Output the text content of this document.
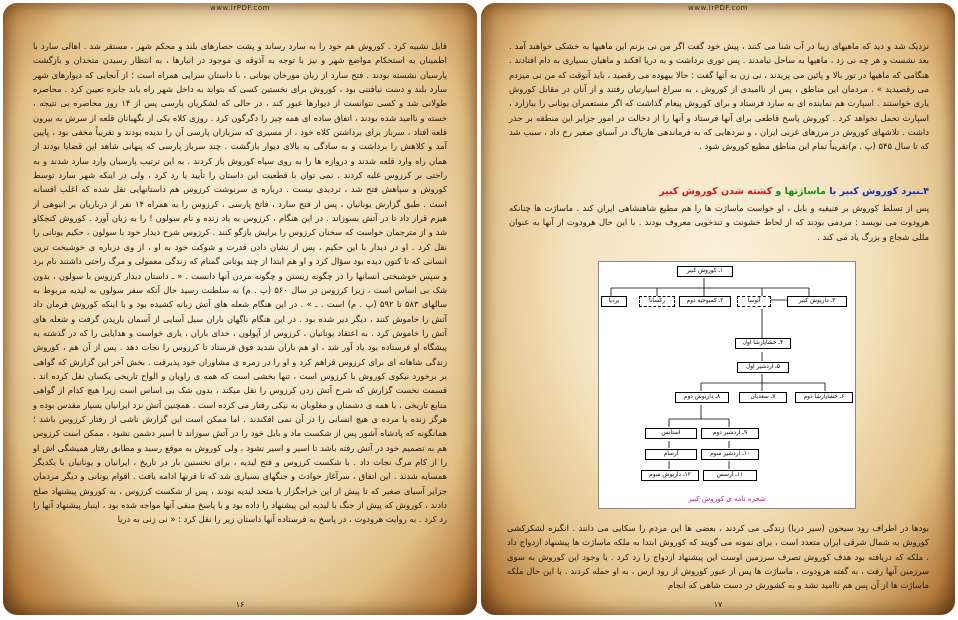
www.IrPDF.com
قابل تشبیه کرد . کوروش هم خود را به سارد رساند و پشت حصارهای بلند و محکم شهر ، مستقر شد . اهالی سارد با اطمینان به استحکام مواضع شهر و نیز با توجه به آذوقه ی موجود در انبارها ، به انتظار رسیدن متحدان و بازگشت پارسیان نشسته بودند . فتح سارد از زبان مورخان یونانی ، با داستان سرایی همراه است ؛ از آنجایی که دیوارهای شهر سارد بلند و دست نیافتنی بود ، کوروش برای نخستین کسی که بتواند به داخل شهر راه یابد جایزه تعیین کرد . محاصره طولانی شد و کسی نتوانست از دیوارها عبور کند ، در حالی که لشکریان پارسی پس از ۱۴ روز محاصره بی نتیجه ، خسته و ناامید شده بودند ، اتفاق ساده ای همه چیز را دگرگون کرد . روزی کلاه یکی از نگهبانان قلعه از سرش به بیرون قلعه افتاد ، سرباز برای برداشتن کلاه خود ، از مسیری که سربازان پارسی آن را ندیده بودند و تقریباً مخفی بود ، پایین آمد و کلاهش را برداشت و به سادگی به بالای دیوار بازگشت . چند سرباز پارسی که پنهانی شاهد این قضایا بودند از همان راه وارد قلعه شدند و دروازه ها را به روی سپاه کوروش باز کردند . به این ترتیب پارسیان وارد سارد شدند و به راحتی بر کرزوس غلبه کردند . نمی توان با قطعیت این داستان را تأیید یا رد کرد ، ولی در اینکه شهر سارد توسط کوروش و سپاهش فتح شد ، تردیدی نیست . درباره ی سرنوشت کرزوس هم داستانهایی نقل شده که اغلب افسانه است . طبق گزارش یونانیان ، پس از فتح سارد ، فاتح پارسی ، کرزوس را به همراه ۱۴ نفر از درباریان بر انبوهی از هیزم قرار داد تا در آتش بسوزاند . در این هنگام ، کرزوس به یاد زنده و نام سولون ! را به زبان آورد . کوروش کنجکاو شد و از مترجمان خواست که سخنان کرزوس را برایش بازگو کنند . کرزوس شرح دیدار خود با سولون ، حکیم یونانی را نقل کرد . او در دیدار با این حکیم ، پس از نشان دادن قدرت و شوکت خود به او ، از وی درباره ی خوشبخت ترین انسانی که تا کنون دیده بود سؤال کرد و او هم ابتدا از چند یونانی گمنام که زندگی معمولی و مرگ راحتی داشتند نام برد و سپس خوشبختی انسانها را در چگونه زیستن و چگونه مردن آنها دانست . « ـ داستان دیدار کرزوس با سولون ، بدون شک بی اساس است ، زیرا کرزوس در سال ۵۶۰ (پ . م) به سلطنت رسید حال آنکه سفر سولون به لیدیه مربوط به سالهای ۵۸۳ تا ۵۹۲ (پ . م) است . ـ » . در این هنگام شعله های آتش زبانه کشیده بود و با اینکه کوروش فرمان داد آتش را خاموش کنند ، دیگر دیر شده بود . در این هنگام ناگهان باران سیل آسایی از آسمان باریدن گرفت و شعله های آتش را خاموش کرد . به اعتقاد یونانیان ، کرزوس از آپولون ، خدای باران ، یاری خواست و هدایایی را که در گذشته به پیشگاه او فرستاده بود یاد آور شد ، او هم باران شدید فوق فرستاد تا کرزوس را نجات دهد . پس از آن هم ، کوروش زندگی شاهانه ای برای کرزوس فراهم کرد و او را در زمره ی مشاوران خود پذیرفت . بخش آخر این گزارش که گواهی بر برخورد نیکوی کوروش با کرزوس است ، تنها بخشی است که همه ی راویان و الواح تاریخی یکسان نقل کرده اند . قسمت نخست گزارش که شرح آتش زدن کرزوس را نقل میکند ، بدون شک بی اساس است زیرا هیچ کدام از گواهی منابع تاریخی ، با همه ی دشمنان و مغلوبان به نیکی رفتار می کرده است . همچنین آتش نزد ایرانیان بسیار مقدس بوده و هرگز زنده یا مرده ی هیچ انسانی را در آن نمی افکندند . اما ممکن است این گزارش ناشی از رفتار کرزوس باشد ؛ همانگونه که پادشاه آشور پس از شکست ماد و بابل خود را در آتش سوزاند تا اسیر دشمن نشود ، ممکن است کرزوس هم به تصمیم خود در آتش رفته باشد تا اسیر و اسیر نشود ، ولی کوروش به موقع رسید و مطابق رفتار همیشگی اش او را از کام مرگ نجات داد . با شکست کرزوس و فتح لیدیه ، برای نخستین بار در تاریخ ، ایرانیان و یونانیان با یکدیگر همسایه شدند . این اتفاق ، سرآغاز حوادث و جنگهای بسیاری شد که تا قرنها ادامه یافت . اقوام یونانی و دیگر مردمان جزایر آسیای صغیر که تا پیش از این خراجگزار یا متحد لیدیه بودند ، پس از شکست کرزوس ، به کوروش پیشنهاد صلح دادند ، کوروش که پیش از جنگ با لیدیه این پیشنهاد را داده بود و با پاسخ منفی آنها مواجه شده بود ، اینبار پیشنهاد آنها را رد کرد . به روایت هرودوت ، در پاسخ به فرستاده آنها داستان زیر را نقل کرد : « نی زنی به دریا
۱۶
www.IrPDF.com
نزدیک شد و دید که ماهیهای زیبا در آب شنا می کنند ، پیش خود گفت اگر من نی بزنم این ماهیها به خشکی خواهند آمد . بعد نشست و هر چه نی زد ، ماهیها به ساحل نیامدند . پس توری برداشت و به دریا افکند و ماهیان بسیاری به دام افتادند . هنگامی که ماهیها در تور بالا و پائین می پریدند ، نی زن به آنها گفت : حالا بیهوده می رقصید ، باید آنوقت که من نی میزدم می رقصیدید » . مردمان این مناطق ، پس از ناامیدی از کوروش ، به سراغ اسپارتیان رفتند و از آنان در مقابل کوروش یاری خواستند . اسپارت هم نماینده ای به سارد فرستاد و برای کوروش پیغام گذاشت که اگر مستعمران یونانی را بیازارد ، اسپارت تحمل نخواهد کرد . کوروش پاسخ قاطعی برای آنها فرستاد و آنها را از دخالت در امور جزایر این منطقه بر حذر داشت . تلاشهای کوروش در مرزهای غربی ایران ، و نبردهایی که به فرماندهی هارپاگ در آسیای صغیر رخ داد ، سبب شد که تا سال ۵۴۵ (پ . م)تقریباً تمام این مناطق مطیع کوروش شود .
۴ـنبرد کوروش کبیر با ماساژتها و کشته شدن کوروش کبیر
پس از تسلط کوروش بر فنیقیه و بابل ، او خواست ماساژت ها را هم مطیع شاهنشاهی ایران کند . ماساژت ها چنانکه هرودوت می نویسد : مردمی بودند که از لحاظ خشونت و تندخویی معروف بودند . با این حال هرودوت از آنها به عنوان مللی شجاع و بزرگ یاد می کند .
۱ـ کوروش کبیر
بردیا	رکسانا	۲ـ کمبوجیه دوم	آتوسا	۳ـ داریوش کبیر
۴ـ خشایارشا اول
۵ـ اردشیر اول
۸ـ داریوش دوم	۷ـ سغدیان	۶ـ خشایارشا دوم
استانس	۹ـ اردشیر دوم
آرسام	۱۰ـ اردشیر سوم
۱۲ـ داریوش سوم	۱۱ـ آرسس
شجره نامه ی کوروش کبیر
بودها در اطراف رود سیحون (سیر دریا) زندگی می کردند ، بعضی ها این مردم را سکایی می دانند . انگیزه لشکرکشی کوروش به شمال شرقی ایران متعدد است ، برای نمونه می گویند که کوروش ابتدا به ملکه ماساژت ها پیشنهاد ازدواج داد . ملکه که دریافته بود هدف کوروش تصرف سرزمین اوست این پیشنهاد ازدواج را رد کرد . با وجود این کوروش به سوی سرزمین آنها رفت ، به گفته هرودوت ، ماساژت ها پس از عبور کوروش از رود ارس ، به او حمله کردند . با این حال ملکه ماساژت ها از آن پس هم ناامید نشد و به کشورش در دست شاهی که انجام
۱۷
